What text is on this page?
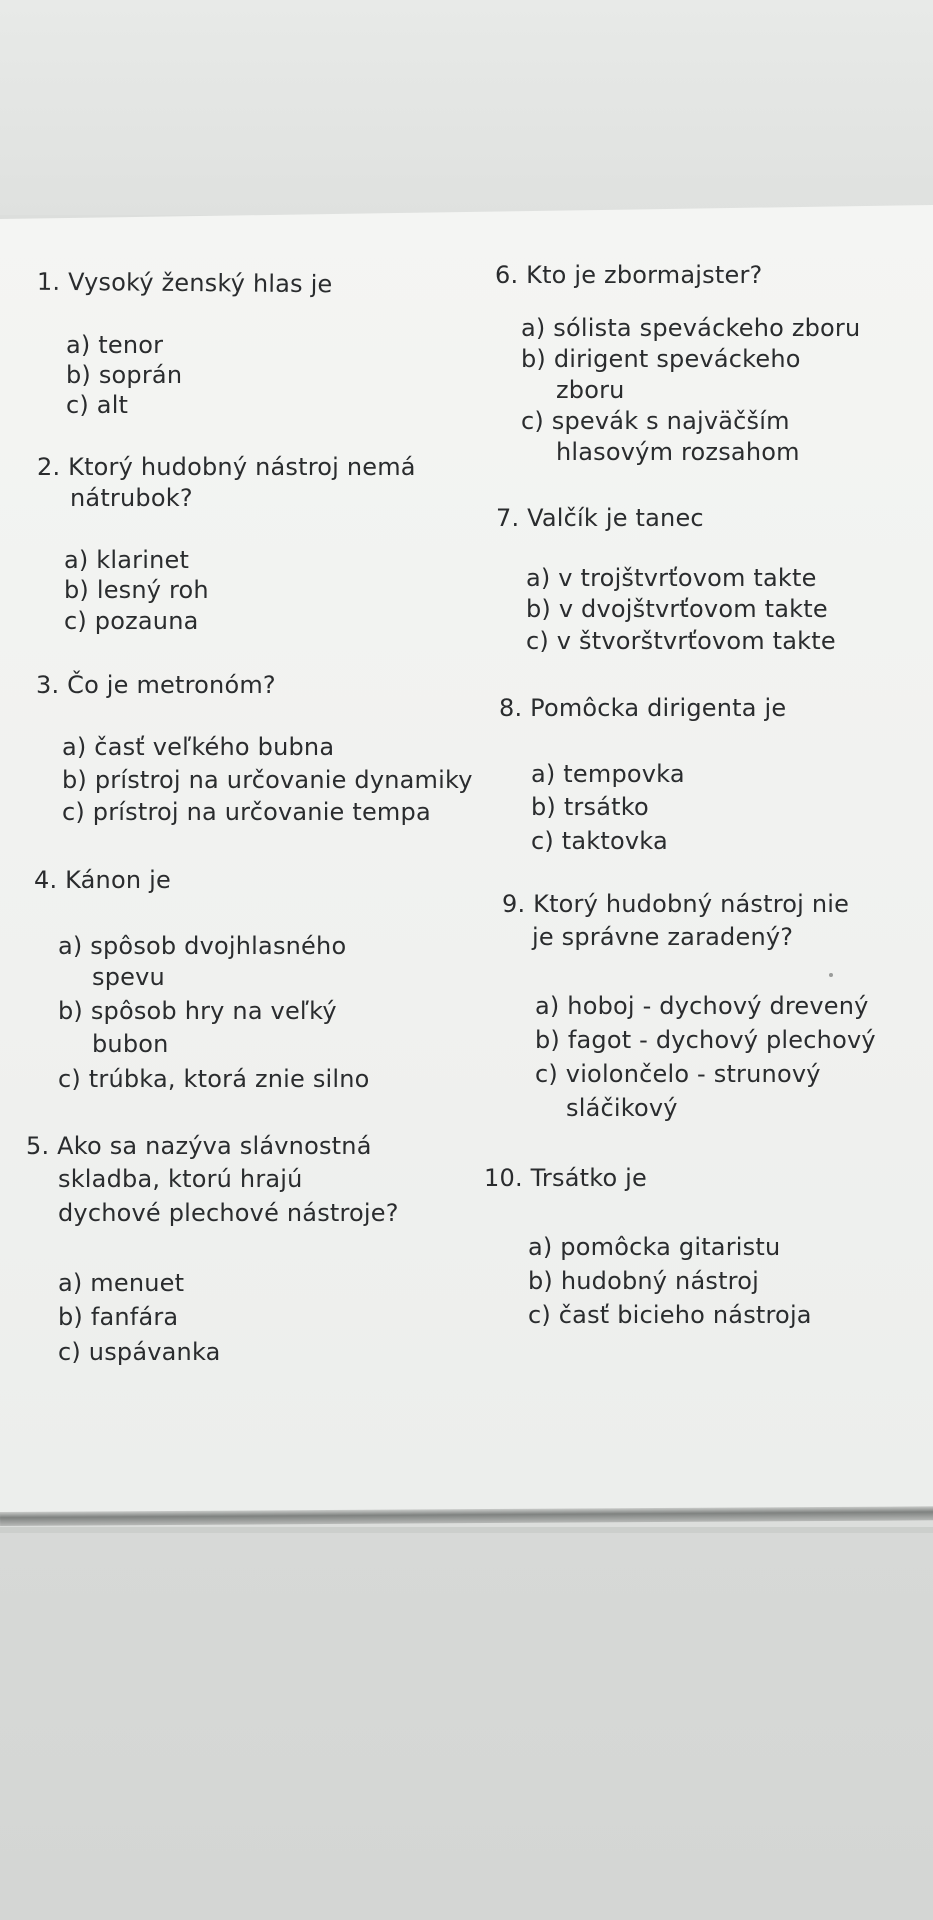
1. Vysoký ženský hlas je
a) tenor
b) soprán
c) alt
2. Ktorý hudobný nástroj nemá
nátrubok?
a) klarinet
b) lesný roh
c) pozauna
3. Čo je metronóm?
a) časť veľkého bubna
b) prístroj na určovanie dynamiky
c) prístroj na určovanie tempa
4. Kánon je
a) spôsob dvojhlasného
spevu
b) spôsob hry na veľký
bubon
c) trúbka, ktorá znie silno
5. Ako sa nazýva slávnostná
skladba, ktorú hrajú
dychové plechové nástroje?
a) menuet
b) fanfára
c) uspávanka
6. Kto je zbormajster?
a) sólista speváckeho zboru
b) dirigent speváckeho
zboru
c) spevák s najväčším
hlasovým rozsahom
7. Valčík je tanec
a) v trojštvrťovom takte
b) v dvojštvrťovom takte
c) v štvorštvrťovom takte
8. Pomôcka dirigenta je
a) tempovka
b) trsátko
c) taktovka
9. Ktorý hudobný nástroj nie
je správne zaradený?
a) hoboj - dychový drevený
b) fagot - dychový plechový
c) violončelo - strunový
sláčikový
10. Trsátko je
a) pomôcka gitaristu
b) hudobný nástroj
c) časť bicieho nástroja
